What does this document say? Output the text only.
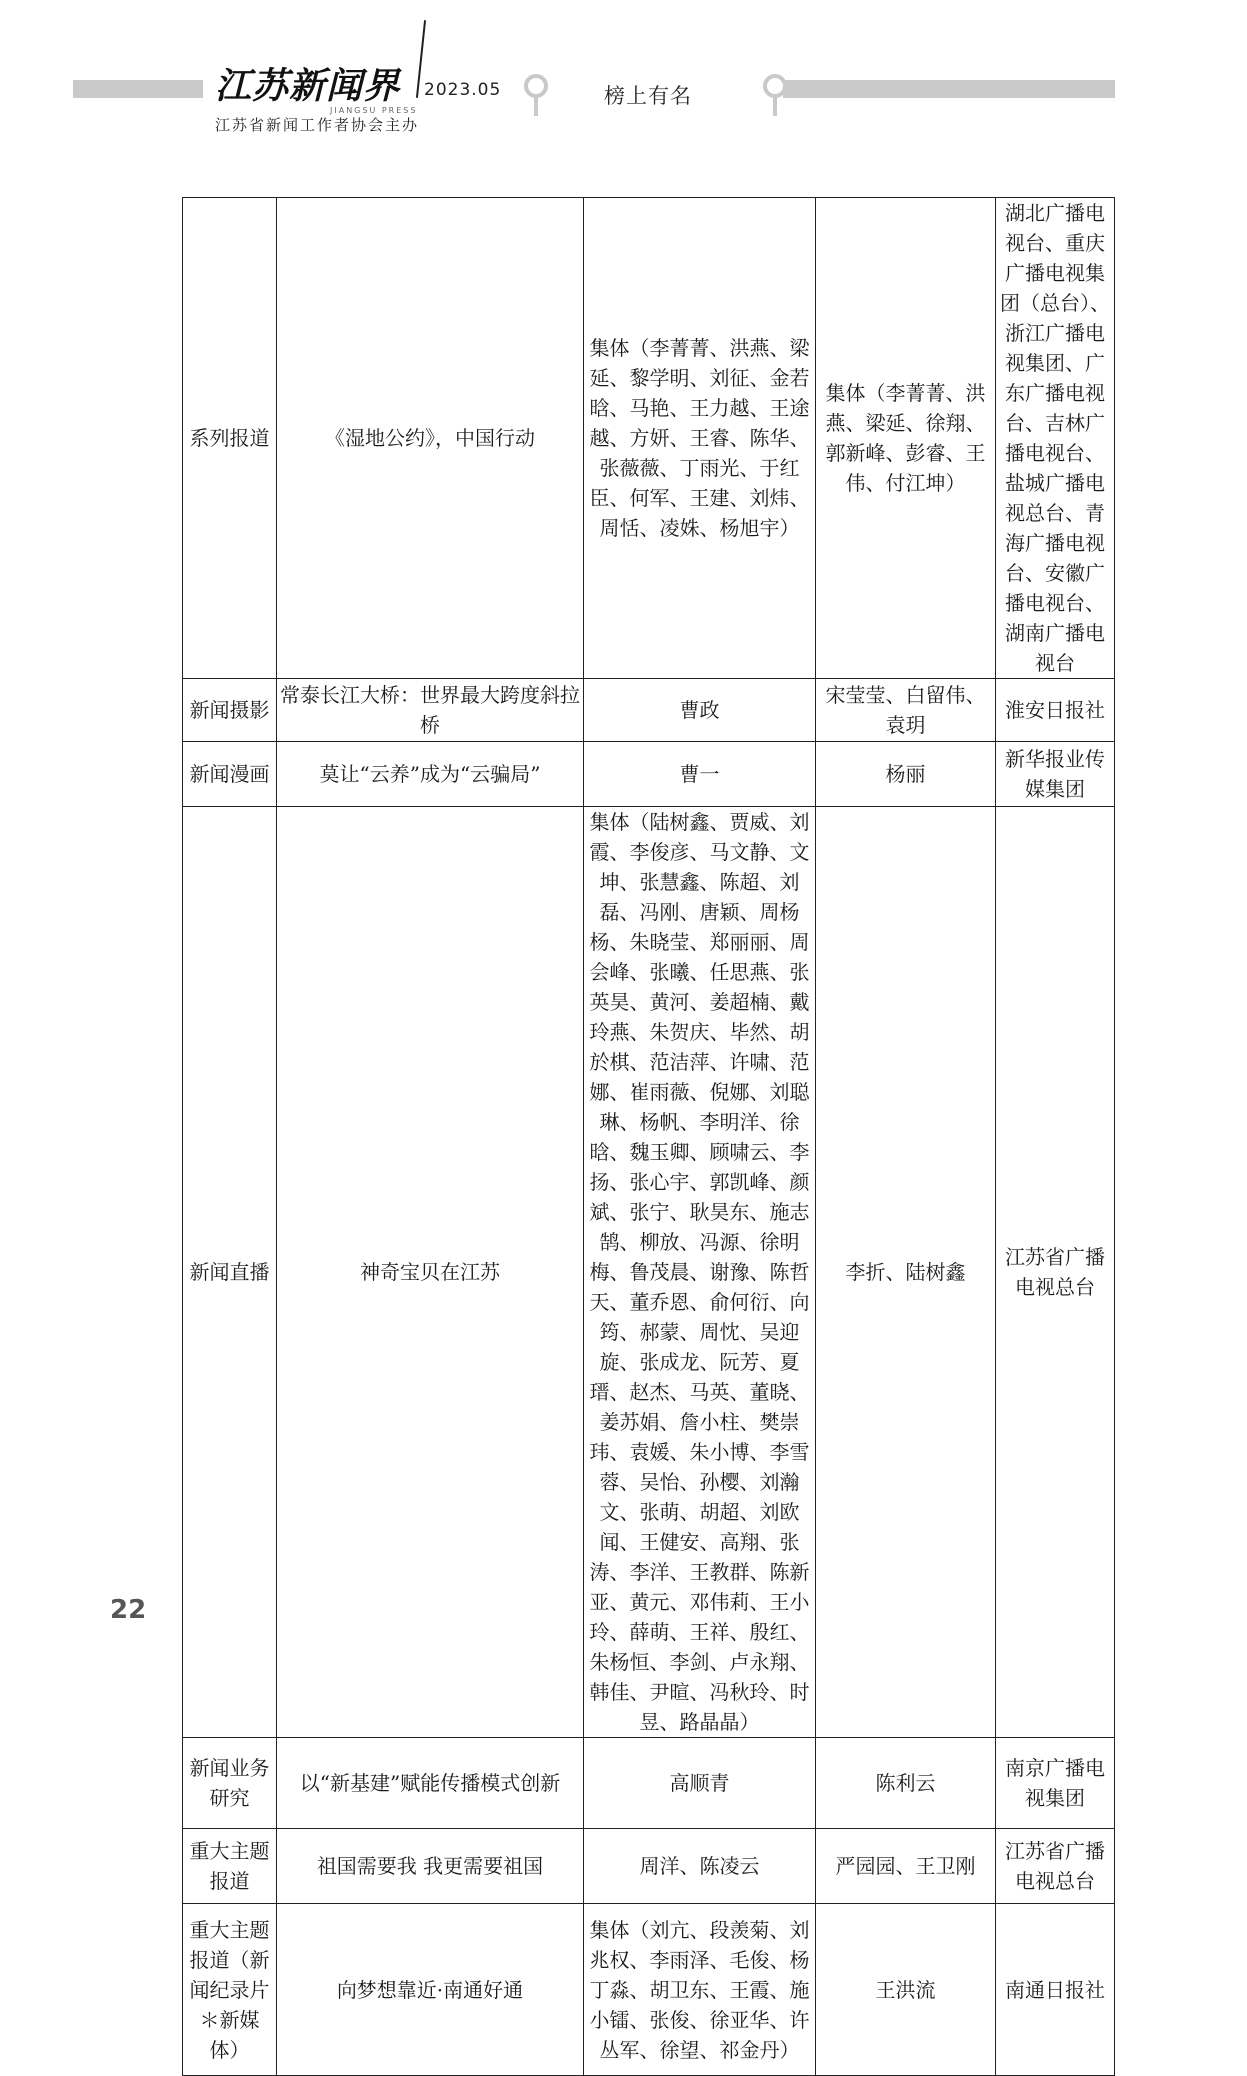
江苏新闻界
JIANGSU PRESS
2023.05
江苏省新闻工作者协会主办
榜上有名
系列报道	《湿地公约》，中国行动	集体（李菁菁、洪燕、梁延、黎学明、刘征、金若晗、马艳、王力越、王途越、方妍、王睿、陈华、张薇薇、丁雨光、于红臣、何军、王建、刘炜、周恬、凌姝、杨旭宇）	集体（李菁菁、洪燕、梁延、徐翔、郭新峰、彭睿、王伟、付江坤）	湖北广播电视台、重庆广播电视集团（总台）、浙江广播电视集团、广东广播电视台、吉林广播电视台、盐城广播电视总台、青海广播电视台、安徽广播电视台、湖南广播电视台
新闻摄影	常泰长江大桥：世界最大跨度斜拉桥	曹政	宋莹莹、白留伟、袁玥	淮安日报社
新闻漫画	莫让“云养”成为“云骗局”	曹一	杨丽	新华报业传媒集团
新闻直播	神奇宝贝在江苏	集体（陆树鑫、贾威、刘霞、李俊彦、马文静、文坤、张慧鑫、陈超、刘磊、冯刚、唐颖、周杨杨、朱晓莹、郑丽丽、周会峰、张曦、任思燕、张英昊、黄河、姜超楠、戴玲燕、朱贺庆、毕然、胡於棋、范洁萍、许啸、范娜、崔雨薇、倪娜、刘聪琳、杨帆、李明洋、徐晗、魏玉卿、顾啸云、李扬、张心宇、郭凯峰、颜斌、张宁、耿昊东、施志鹄、柳放、冯源、徐明梅、鲁茂晨、谢豫、陈哲天、董乔恩、俞何衍、向筠、郝蒙、周忱、吴迎旋、张成龙、阮芳、夏瑨、赵杰、马英、董晓、姜苏娟、詹小柱、樊崇玮、袁媛、朱小博、李雪蓉、吴怡、孙樱、刘瀚文、张萌、胡超、刘欧闻、王健安、高翔、张涛、李洋、王教群、陈新亚、黄元、邓伟莉、王小玲、薛萌、王祥、殷红、朱杨恒、李剑、卢永翔、韩佳、尹暄、冯秋玲、时昱、路晶晶）	李折、陆树鑫	江苏省广播电视总台
新闻业务研究	以“新基建”赋能传播模式创新	高顺青	陈利云	南京广播电视集团
重大主题报道	祖国需要我 我更需要祖国	周洋、陈凌云	严园园、王卫刚	江苏省广播电视总台
重大主题报道（新闻纪录片＊新媒体）	向梦想靠近·南通好通	集体（刘亢、段羡菊、刘兆权、李雨泽、毛俊、杨丁淼、胡卫东、王霞、施小镭、张俊、徐亚华、许丛军、徐望、祁金丹）	王洪流	南通日报社
22
